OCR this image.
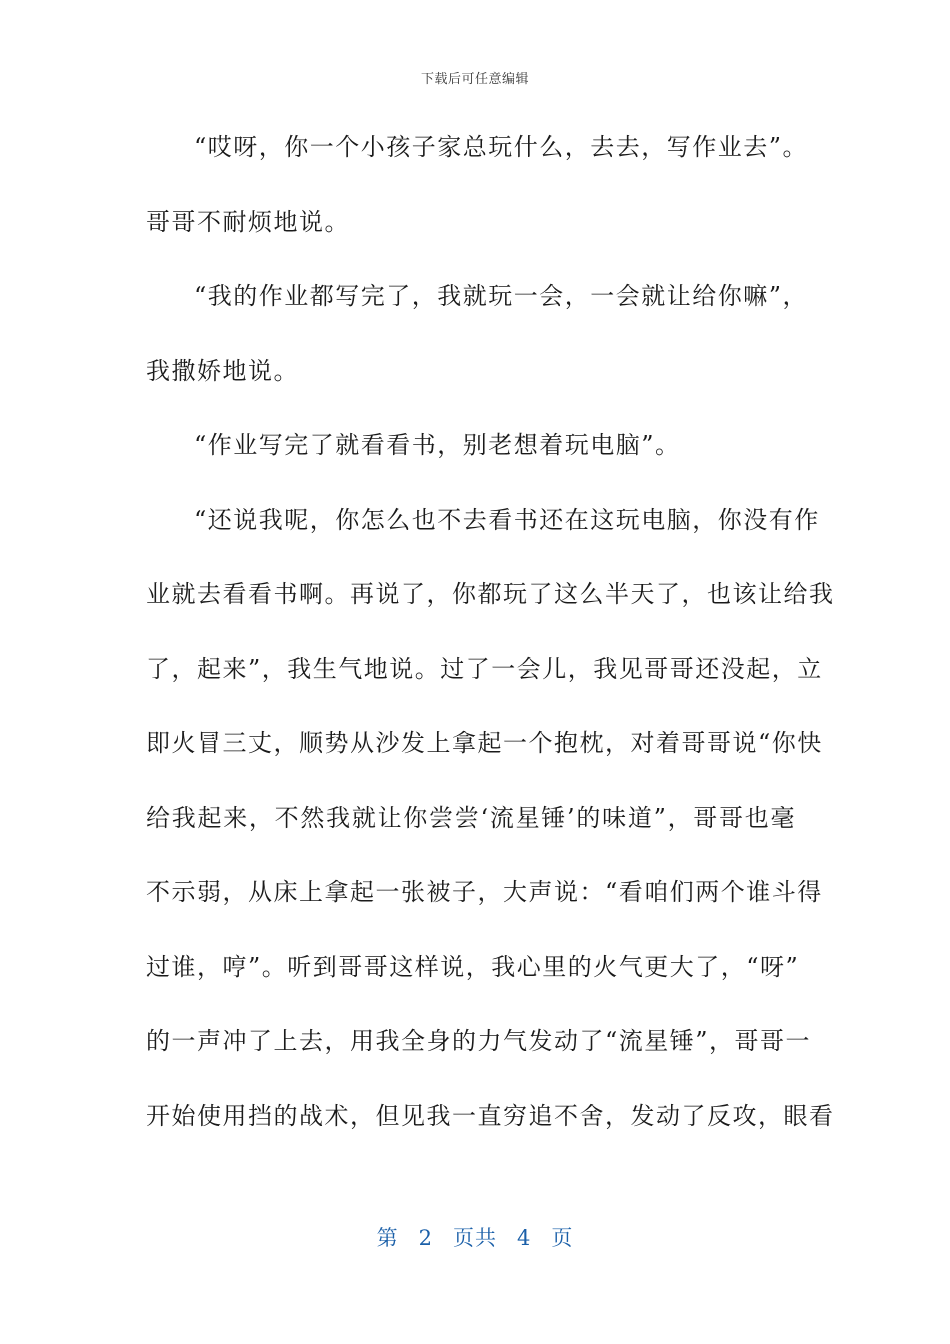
下载后可任意编辑
“哎呀，你一个小孩子家总玩什么，去去，写作业去”。
哥哥不耐烦地说。
“我的作业都写完了，我就玩一会，一会就让给你嘛”，
我撒娇地说。
“作业写完了就看看书，别老想着玩电脑”。
“还说我呢，你怎么也不去看书还在这玩电脑，你没有作
业就去看看书啊。再说了，你都玩了这么半天了，也该让给我
了，起来”，我生气地说。过了一会儿，我见哥哥还没起，立
即火冒三丈，顺势从沙发上拿起一个抱枕，对着哥哥说“你快
给我起来，不然我就让你尝尝‘流星锤’的味道”，哥哥也毫
不示弱，从床上拿起一张被子，大声说：“看咱们两个谁斗得
过谁，哼”。听到哥哥这样说，我心里的火气更大了，“呀”
的一声冲了上去，用我全身的力气发动了“流星锤”，哥哥一
开始使用挡的战术，但见我一直穷追不舍，发动了反攻，眼看
第 2 页共 4 页
